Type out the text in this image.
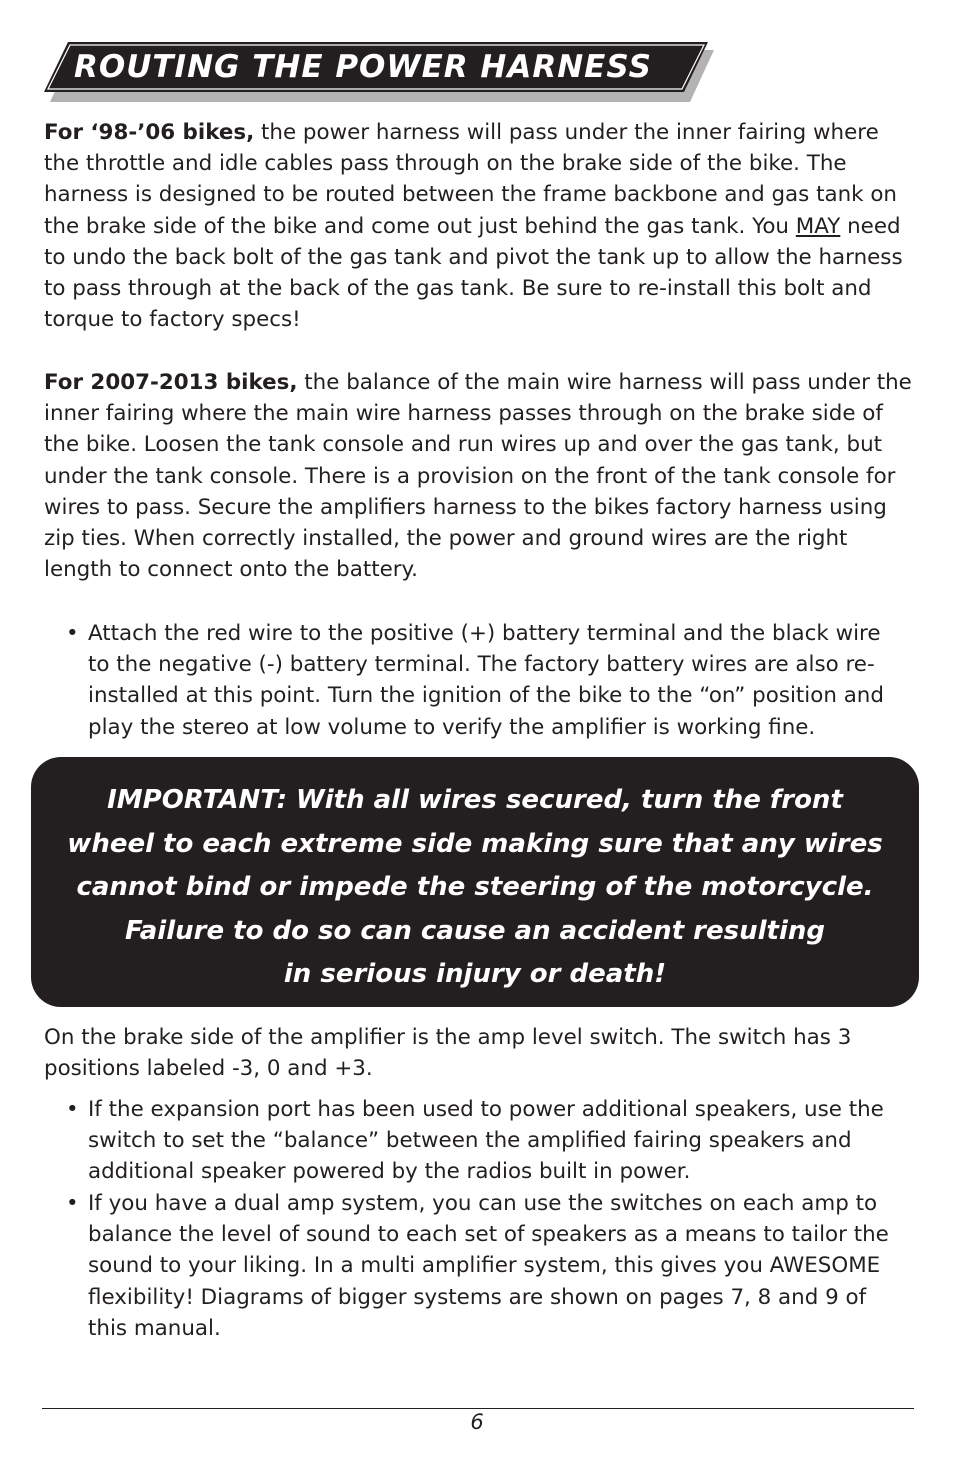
ROUTING THE POWER HARNESS

For ‘98-’06 bikes, the power harness will pass under the inner fairing where the throttle and idle cables pass through on the brake side of the bike. The harness is designed to be routed between the frame backbone and gas tank on the brake side of the bike and come out just behind the gas tank. You MAY need to undo the back bolt of the gas tank and pivot the tank up to allow the harness to pass through at the back of the gas tank. Be sure to re-install this bolt and torque to factory specs!

For 2007-2013 bikes, the balance of the main wire harness will pass under the inner fairing where the main wire harness passes through on the brake side of the bike. Loosen the tank console and run wires up and over the gas tank, but under the tank console. There is a provision on the front of the tank console for wires to pass. Secure the amplifiers harness to the bikes factory harness using zip ties. When correctly installed, the power and ground wires are the right length to connect onto the battery.

• Attach the red wire to the positive (+) battery terminal and the black wire to the negative (-) battery terminal. The factory battery wires are also re-installed at this point. Turn the ignition of the bike to the “on” position and play the stereo at low volume to verify the amplifier is working fine.
IMPORTANT: With all wires secured, turn the front
wheel to each extreme side making sure that any wires
cannot bind or impede the steering of the motorcycle.
Failure to do so can cause an accident resulting
in serious injury or death!

On the brake side of the amplifier is the amp level switch. The switch has 3 positions labeled -3, 0 and +3.

• If the expansion port has been used to power additional speakers, use the switch to set the “balance” between the amplified fairing speakers and additional speaker powered by the radios built in power.
• If you have a dual amp system, you can use the switches on each amp to balance the level of sound to each set of speakers as a means to tailor the sound to your liking. In a multi amplifier system, this gives you AWESOME flexibility! Diagrams of bigger systems are shown on pages 7, 8 and 9 of this manual.
6
